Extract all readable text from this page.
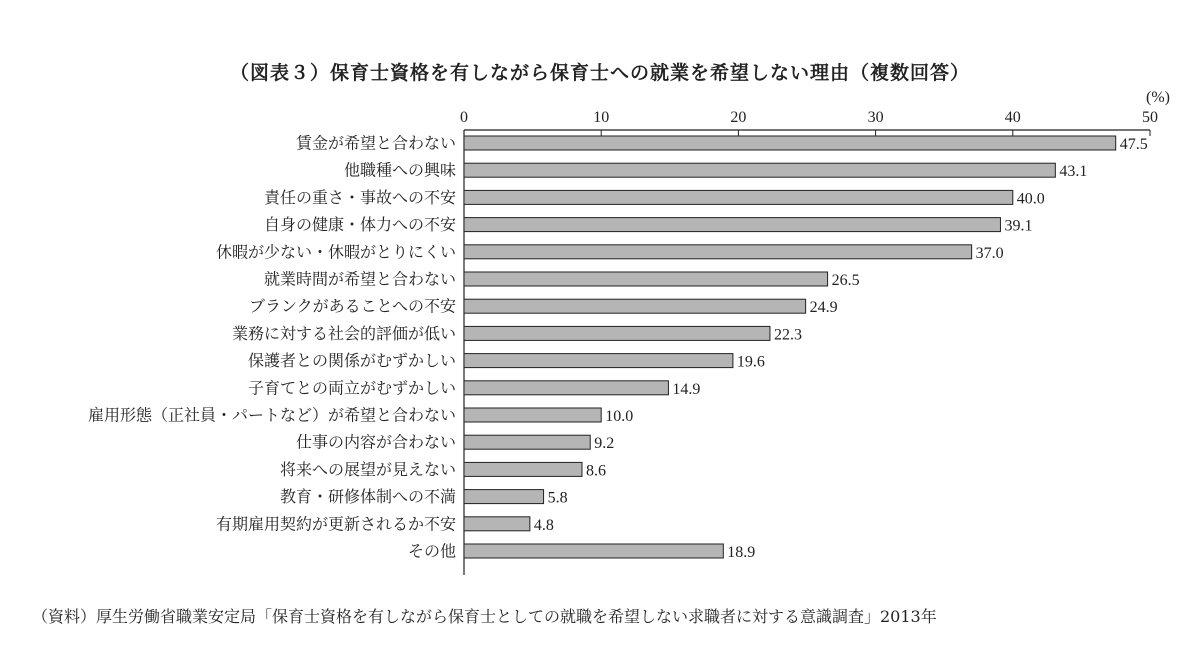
（図表３）保育士資格を有しながら保育士への就業を希望しない理由（複数回答）
(%)
0	10	20	30	40	50
賃金が希望と合わない	47.5
他職種への興味	43.1
責任の重さ・事故への不安	40.0
自身の健康・体力への不安	39.1
休暇が少ない・休暇がとりにくい	37.0
就業時間が希望と合わない	26.5
ブランクがあることへの不安	24.9
業務に対する社会的評価が低い	22.3
保護者との関係がむずかしい	19.6
子育てとの両立がむずかしい	14.9
雇用形態（正社員・パートなど）が希望と合わない	10.0
仕事の内容が合わない	9.2
将来への展望が見えない	8.6
教育・研修体制への不満	5.8
有期雇用契約が更新されるか不安	4.8
その他	18.9
（資料）厚生労働省職業安定局「保育士資格を有しながら保育士としての就職を希望しない求職者に対する意識調査」2013年
